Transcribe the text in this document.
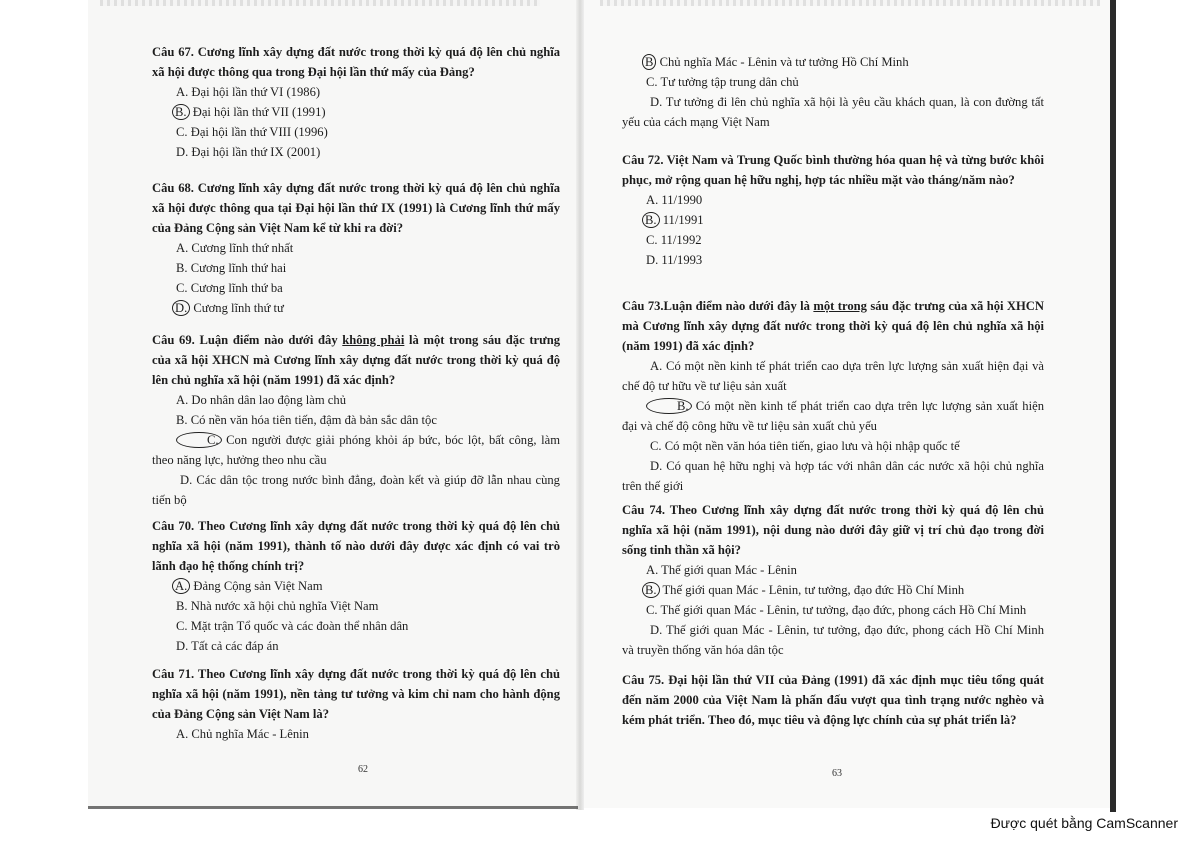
Câu 67. Cương lĩnh xây dựng đất nước trong thời kỳ quá độ lên chủ nghĩa xã hội được thông qua trong Đại hội lần thứ mấy của Đảng?
A. Đại hội lần thứ VI (1986)
B. Đại hội lần thứ VII (1991)
C. Đại hội lần thứ VIII (1996)
D. Đại hội lần thứ IX (2001)
Câu 68. Cương lĩnh xây dựng đất nước trong thời kỳ quá độ lên chủ nghĩa xã hội được thông qua tại Đại hội lần thứ IX (1991) là Cương lĩnh thứ mấy của Đảng Cộng sản Việt Nam kể từ khi ra đời?
A. Cương lĩnh thứ nhất
B. Cương lĩnh thứ hai
C. Cương lĩnh thứ ba
D. Cương lĩnh thứ tư
Câu 69. Luận điểm nào dưới đây không phải là một trong sáu đặc trưng của xã hội XHCN mà Cương lĩnh xây dựng đất nước trong thời kỳ quá độ lên chủ nghĩa xã hội (năm 1991) đã xác định?
A. Do nhân dân lao động làm chủ
B. Có nền văn hóa tiên tiến, đậm đà bản sắc dân tộc
C. Con người được giải phóng khỏi áp bức, bóc lột, bất công, làm theo năng lực, hưởng theo nhu cầu
D. Các dân tộc trong nước bình đẳng, đoàn kết và giúp đỡ lẫn nhau cùng tiến bộ
Câu 70. Theo Cương lĩnh xây dựng đất nước trong thời kỳ quá độ lên chủ nghĩa xã hội (năm 1991), thành tố nào dưới đây được xác định có vai trò lãnh đạo hệ thống chính trị?
A. Đảng Cộng sản Việt Nam
B. Nhà nước xã hội chủ nghĩa Việt Nam
C. Mặt trận Tổ quốc và các đoàn thể nhân dân
D. Tất cả các đáp án
Câu 71. Theo Cương lĩnh xây dựng đất nước trong thời kỳ quá độ lên chủ nghĩa xã hội (năm 1991), nền tảng tư tưởng và kim chỉ nam cho hành động của Đảng Cộng sản Việt Nam là?
A. Chủ nghĩa Mác - Lênin
62
B Chủ nghĩa Mác - Lênin và tư tưởng Hồ Chí Minh
C. Tư tưởng tập trung dân chủ
D. Tư tưởng đi lên chủ nghĩa xã hội là yêu cầu khách quan, là con đường tất yếu của cách mạng Việt Nam
Câu 72. Việt Nam và Trung Quốc bình thường hóa quan hệ và từng bước khôi phục, mở rộng quan hệ hữu nghị, hợp tác nhiều mặt vào tháng/năm nào?
A. 11/1990
B. 11/1991
C. 11/1992
D. 11/1993
Câu 73.Luận điểm nào dưới đây là một trong sáu đặc trưng của xã hội XHCN mà Cương lĩnh xây dựng đất nước trong thời kỳ quá độ lên chủ nghĩa xã hội (năm 1991) đã xác định?
A. Có một nền kinh tế phát triển cao dựa trên lực lượng sản xuất hiện đại và chế độ tư hữu về tư liệu sản xuất
B. Có một nền kinh tế phát triển cao dựa trên lực lượng sản xuất hiện đại và chế độ công hữu về tư liệu sản xuất chủ yếu
C. Có một nền văn hóa tiên tiến, giao lưu và hội nhập quốc tế
D. Có quan hệ hữu nghị và hợp tác với nhân dân các nước xã hội chủ nghĩa trên thế giới
Câu 74. Theo Cương lĩnh xây dựng đất nước trong thời kỳ quá độ lên chủ nghĩa xã hội (năm 1991), nội dung nào dưới đây giữ vị trí chủ đạo trong đời sống tinh thần xã hội?
A. Thế giới quan Mác - Lênin
B. Thế giới quan Mác - Lênin, tư tưởng, đạo đức Hồ Chí Minh
C. Thế giới quan Mác - Lênin, tư tưởng, đạo đức, phong cách Hồ Chí Minh
D. Thế giới quan Mác - Lênin, tư tưởng, đạo đức, phong cách Hồ Chí Minh và truyền thống văn hóa dân tộc
Câu 75. Đại hội lần thứ VII của Đảng (1991) đã xác định mục tiêu tổng quát đến năm 2000 của Việt Nam là phấn đấu vượt qua tình trạng nước nghèo và kém phát triển. Theo đó, mục tiêu và động lực chính của sự phát triển là?
63
Được quét bằng CamScanner
